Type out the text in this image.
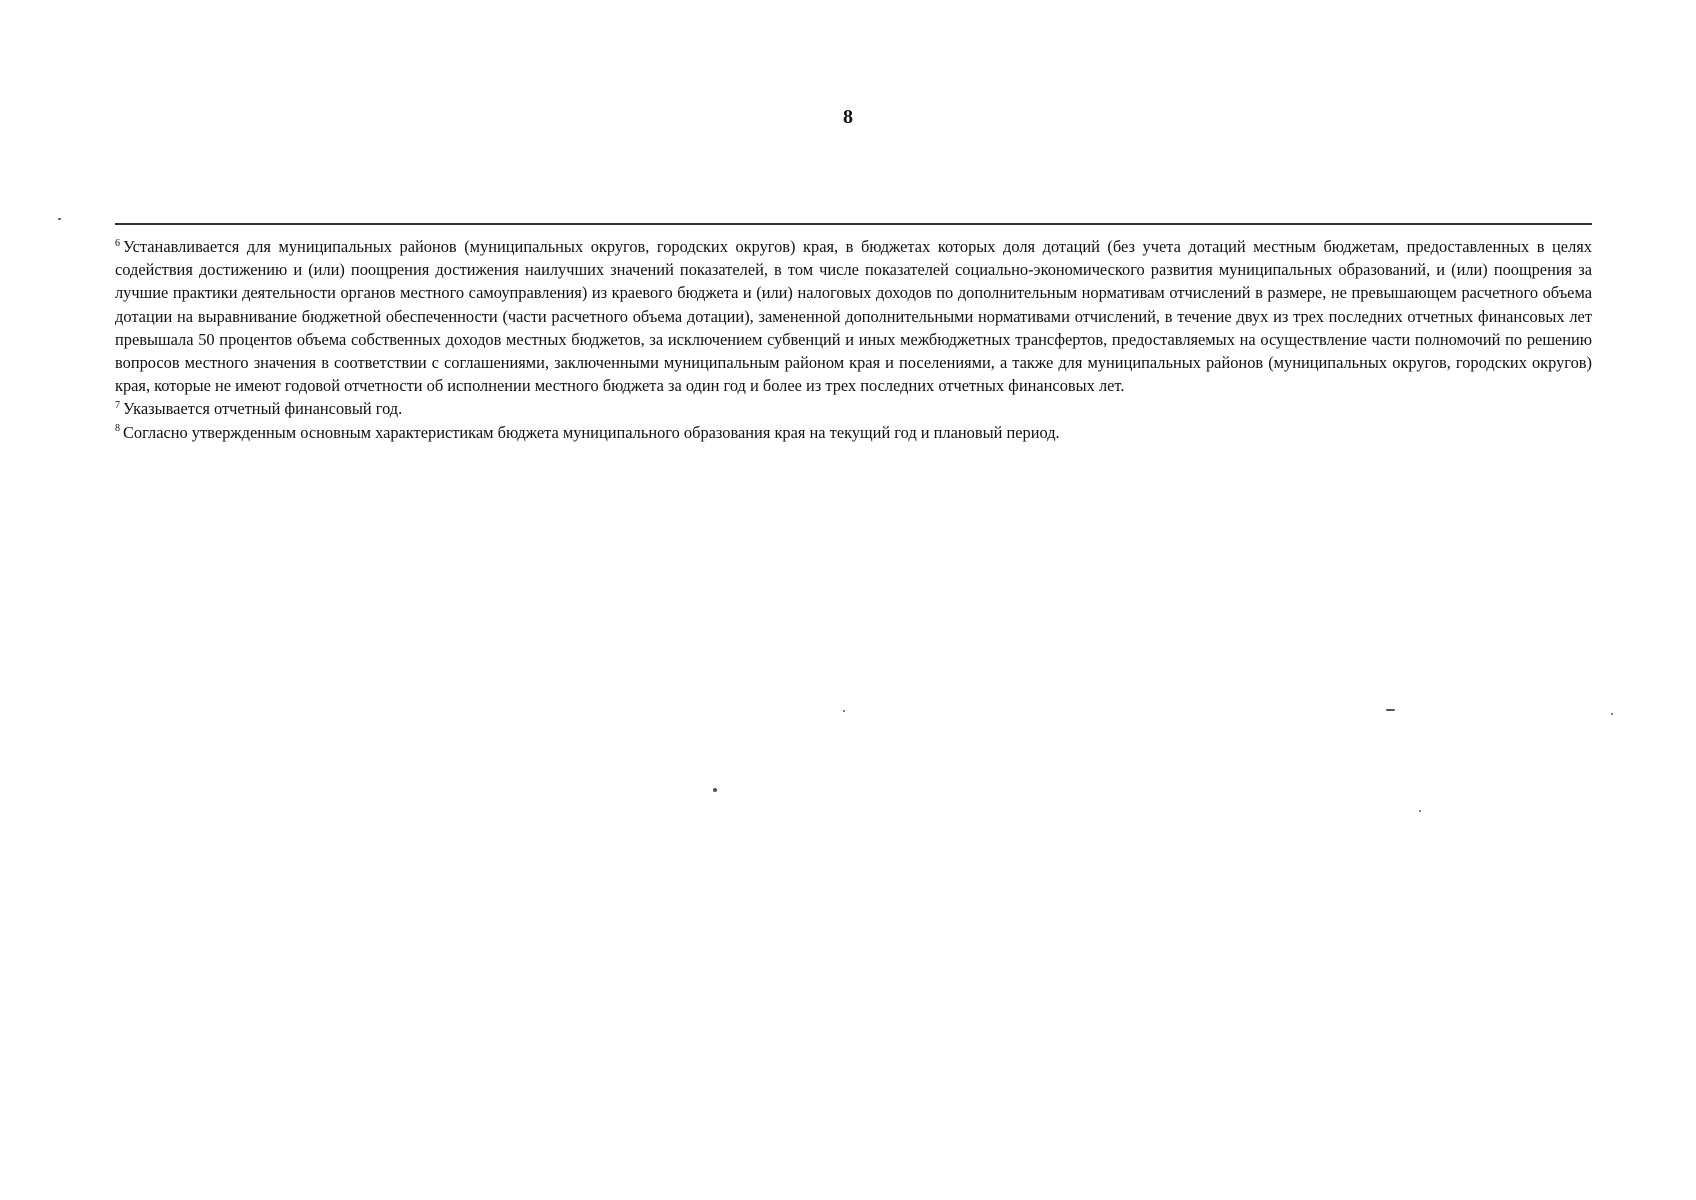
8

$^6$ Устанавливается для муниципальных районов (муниципальных округов, городских округов) края, в бюджетах которых доля дотаций (без учета дотаций местным бюджетам, предоставленных в целях содействия достижению и (или) поощрения достижения наилучших значений показателей, в том числе показателей социально-экономического развития муниципальных образований, и (или) поощрения за лучшие практики деятельности органов местного самоуправления) из краевого бюджета и (или) налоговых доходов по дополнительным нормативам отчислений в размере, не превышающем расчетного объема дотации на выравнивание бюджетной обеспеченности (части расчетного объема дотации), замененной дополнительными нормативами отчислений, в течение двух из трех последних отчетных финансовых лет превышала 50 процентов объема собственных доходов местных бюджетов, за исключением субвенций и иных межбюджетных трансфертов, предоставляемых на осуществление части полномочий по решению вопросов местного значения в соответствии с соглашениями, заключенными муниципальным районом края и поселениями, а также для муниципальных районов (муниципальных округов, городских округов) края, которые не имеют годовой отчетности об исполнении местного бюджета за один год и более из трех последних отчетных финансовых лет.

$^7$ Указывается отчетный финансовый год.

$^8$ Согласно утвержденным основным характеристикам бюджета муниципального образования края на текущий год и плановый период.
